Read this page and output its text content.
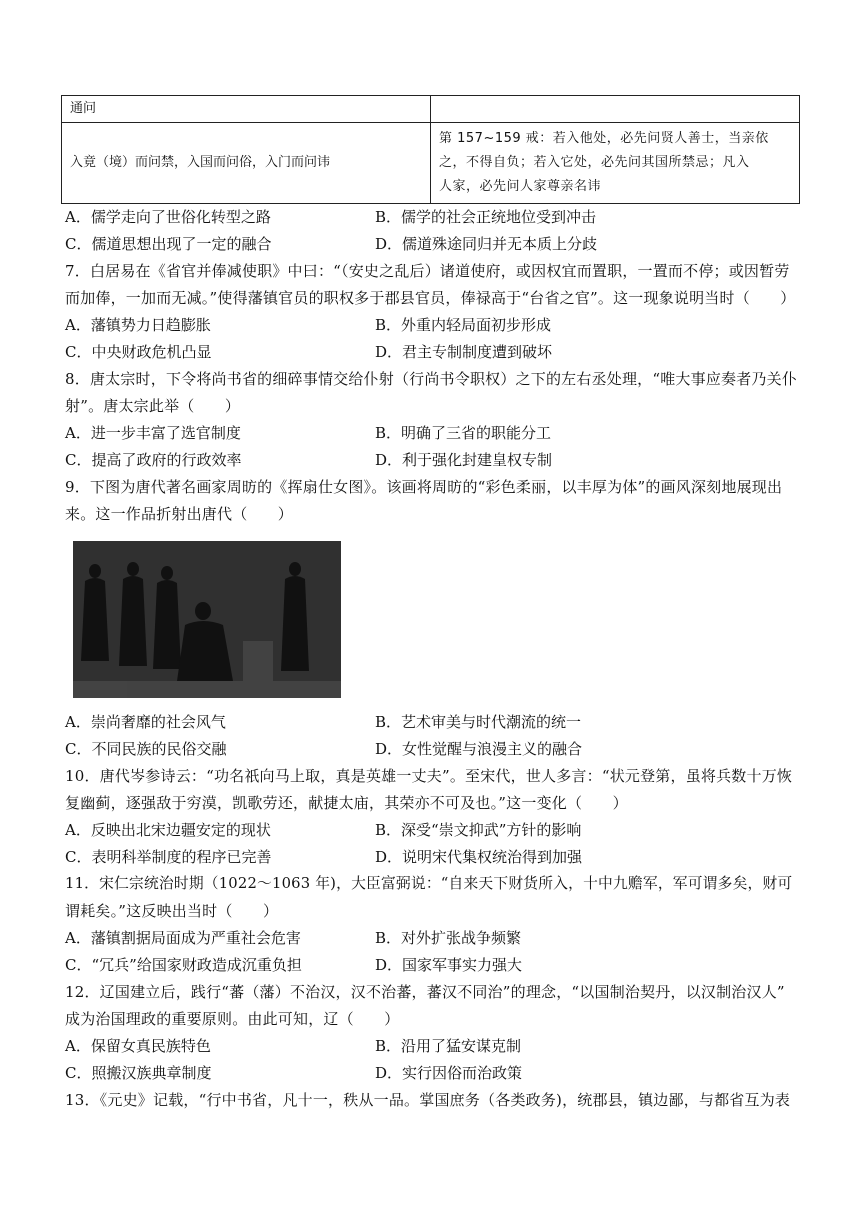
通问	
入竟（境）而问禁，入国而问俗，入门而问讳	第 157~159 戒：若入他处，必先问贤人善士，当亲依
之，不得自负；若入它处，必先问其国所禁忌；凡入
人家，必先问人家尊亲名讳
A．儒学走向了世俗化转型之路	B．儒学的社会正统地位受到冲击
C．儒道思想出现了一定的融合	D．儒道殊途同归并无本质上分歧
7．白居易在《省官并俸减使职》中曰：“（安史之乱后）诸道使府，或因权宜而置职，一置而不停；或因暂劳
而加俸，一加而无减。”使得藩镇官员的职权多于郡县官员，俸禄高于“台省之官”。这一现象说明当时（　　）
A．藩镇势力日趋膨胀	B．外重内轻局面初步形成
C．中央财政危机凸显	D．君主专制制度遭到破坏
8．唐太宗时，下令将尚书省的细碎事情交给仆射（行尚书令职权）之下的左右丞处理，“唯大事应奏者乃关仆
射”。唐太宗此举（　　）
A．进一步丰富了选官制度	B．明确了三省的职能分工
C．提高了政府的行政效率	D．利于强化封建皇权专制
9．下图为唐代著名画家周昉的《挥扇仕女图》。该画将周昉的“彩色柔丽，以丰厚为体”的画风深刻地展现出
来。这一作品折射出唐代（　　）
A．崇尚奢靡的社会风气	B．艺术审美与时代潮流的统一
C．不同民族的民俗交融	D．女性觉醒与浪漫主义的融合
10．唐代岑参诗云：“功名祇向马上取，真是英雄一丈夫”。至宋代，世人多言：“状元登第，虽将兵数十万恢
复幽蓟，逐强敌于穷漠，凯歌劳还，献捷太庙，其荣亦不可及也。”这一变化（　　）
A．反映出北宋边疆安定的现状	B．深受“崇文抑武”方针的影响
C．表明科举制度的程序已完善	D．说明宋代集权统治得到加强
11．宋仁宗统治时期（1022～1063 年)，大臣富弼说：“自来天下财货所入，十中九赡军，军可谓多矣，财可
谓耗矣。”这反映出当时（　　）
A．藩镇割据局面成为严重社会危害	B．对外扩张战争频繁
C．“冗兵”给国家财政造成沉重负担	D．国家军事实力强大
12．辽国建立后，践行“蕃（藩）不治汉，汉不治蕃，蕃汉不同治”的理念，“以国制治契丹，以汉制治汉人”
成为治国理政的重要原则。由此可知，辽（　　）
A．保留女真民族特色	B．沿用了猛安谋克制
C．照搬汉族典章制度	D．实行因俗而治政策
13．《元史》记载，“行中书省，凡十一，秩从一品。掌国庶务（各类政务)，统郡县，镇边鄙，与都省互为表
